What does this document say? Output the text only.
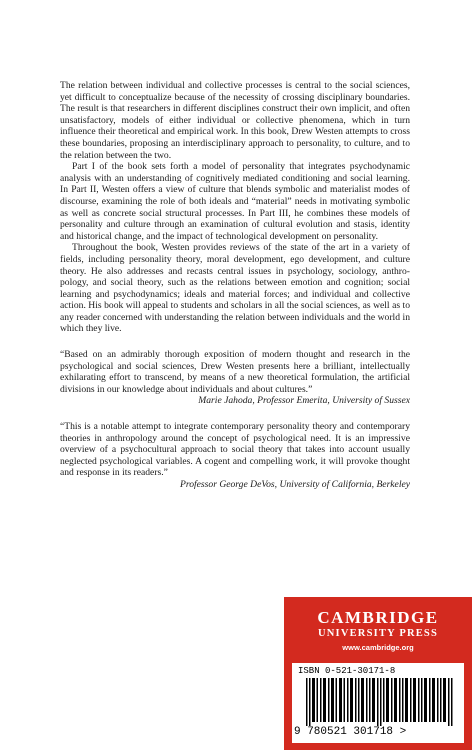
The relation between individual and collective processes is central to the social sciences, yet difficult to conceptualize because of the necessity of crossing disciplinary boundaries. The result is that researchers in different disciplines construct their own implicit, and often unsatisfactory, models of either individual or collective phenomena, which in turn influence their theoretical and empirical work. In this book, Drew Westen attempts to cross these boundaries, proposing an interdisciplinary approach to personality, to culture, and to the relation between the two.

Part I of the book sets forth a model of personality that integrates psychodynamic analysis with an understanding of cognitively mediated conditioning and social learning. In Part II, Westen offers a view of culture that blends symbolic and materialist modes of discourse, examining the role of both ideals and “material” needs in motivating symbolic as well as concrete social structural processes. In Part III, he combines these models of personality and culture through an examination of cultural evolution and stasis, identity and historical change, and the impact of technological development on personality.

Throughout the book, Westen provides reviews of the state of the art in a variety of fields, including personality theory, moral development, ego development, and culture theory. He also addresses and recasts central issues in psychology, sociology, anthropology, and social theory, such as the relations between emotion and cognition; social learning and psychodynamics; ideals and material forces; and individual and collective action. His book will appeal to students and scholars in all the social sciences, as well as to any reader concerned with understanding the relation between individuals and the world in which they live.

“Based on an admirably thorough exposition of modern thought and research in the psychological and social sciences, Drew Westen presents here a brilliant, intellectually exhilarating effort to transcend, by means of a new theoretical formulation, the artificial divisions in our knowledge about individuals and about cultures.”

Marie Jahoda, Professor Emerita, University of Sussex

“This is a notable attempt to integrate contemporary personality theory and contemporary theories in anthropology around the concept of psychological need. It is an impressive overview of a psychocultural approach to social theory that takes into account usually neglected psychological variables. A cogent and compelling work, it will provoke thought and response in its readers.”

Professor George DeVos, University of California, Berkeley

CAMBRIDGE
UNIVERSITY PRESS
www.cambridge.org
ISBN 0-521-30171-8
9 780521 301718 >
